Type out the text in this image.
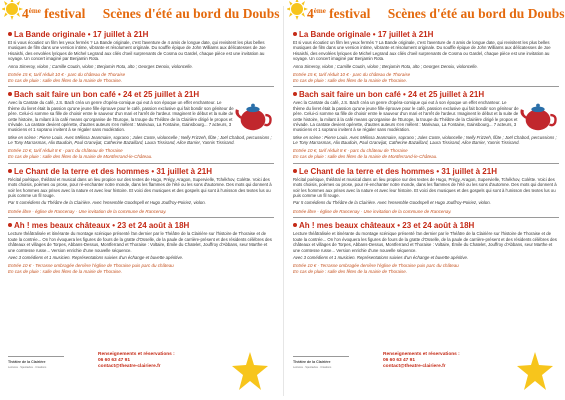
4ème festival Scènes d'été au bord du Doubs
La Bande originale • 17 juillet à 21H
Et si vous écoutiez un film les yeux fermés ? La Bande originale, c'est l'aventure de 4 amis de longue date, qui revisitent les plus belles musiques de film dans une version intime, vibrante et résolument originale. Du souffle épique de John Williams aux délicatesses de Joe Hisaishi, des envolées lyriques de Michel Legrand aux cliés d'oeil surprenants de Cosma ou Gardel, chaque pièce est une invitation au voyage. Un concert imaginé par Benjamin Rota.
Anna Simeroy, violon ; Camille Coutin, violon ; Benjamin Rota, alto ; Georges Denoix, violoncelle.
Entrée 15 €, tarif réduit 10 € · parc du château de Thoraise
En cas de pluie : salle des fêtes de la mairie de Thoraise.
Bach sait faire un bon café • 24 et 25 juillet à 21H
Avec la Cantate du café, J.S. Bach créa un genre d'opéra-comique qui eut à son époque un effet enchanteur. Le thème du livret était la passion qu'une jeune fille éprouve pour le café, passion exclusive qui fait bondir son géniteur de père. Celui-ci somme sa fille de choisir entre le sauveur d'un mari et l'arrêt de l'ardeur. Imaginent le début et la suite de cette histoire, la milant à la café means qu'organise de l'Europe, la troupe du Théâtre de la Clairière dirigé le propos et s'évade. La cantate devient opérette, d'autres auteurs s'en mêlent : Marivaux, La Fontaine, Gainsbourg... 7 acteurs, 3 musiciens et 1 soprano invitent à se régaler sans modération.
Mise en scène : Pierre Louis. Avec Mélissa Jeanmaire, soprano ; Jules Coste, violoncelle ; Nelly Frizzeh, flûte ; Joël Chabod, percussions ; Le Tony Marrasmas, Alix Baudoin, Paul Granvijat, Catherine Bazaillard, Laura Tissirand, Alice Barrier, Yannis Tissirand.
Entrée 10 €, tarif réduit 8 € · parc du château de Thoraise
En cas de pluie : salle des fêtes de la mairie de Montferrand-le-Château.
Le Chant de la terre et des hommes • 31 juillet à 21H
Récital poétique, théâtral et musical dans un lieu propice sur des textes de Hugo, Prégy, Aragon, Supervielle, Tchékhov, Colétte. Voici des mots choisis, poèmes ou prose, pour ré-enchanter notre monde, dans les flammes de l'été ou les sons d'automne. Des mots qui donnent à voir les hommes aux prises avec la nature et avec leur histoire. Et voici des musiques et des gospels qui sont à l'unisson des textes lus ou puis comme un fil rouge.
Par 5 comédiens du Théâtre de la Clairière. Avec l'ensemble Goodspell et Hugo Jouffroy-Poiriez, violon.
Entrée libre · église de Rancenay · Une invitation de la commune de Rancenay.
Ah ! mes beaux châteaux • 23 et 24 août à 18H
Lecture théâtralisée et itinérante du montage scénique présenté l'an dernier par le Théâtre de la Clairière sur l'histoire de Thoraise et de toute la contrée... On l'on évoquera les figures de fours de la gratte d'Osselle, de la paule de carrière-présent et des résidents célèbres des châteaux et villages de Torpes, Abbans-Dessus, Montferrand et Thoraise : Voltaire, Émile du Chatelet, Jouffroy d'Abbans, seur Marthe et une comtesse russe... Version enrichie d'une nouvelle séquence.
Avec 3 comédiens et 1 musicien. Représentations suivies d'un échange et buvette apéritive.
Entrée 10 € · Terrasse ombragée derrière l'église de Thoraise puis parc du château
En cas de pluie : salle des fêtes de la mairie de Thoraise.
Théâtre de la Clairière
Lectures · Spectacles · Créations
Renseignements et réservations :
06 60 63 47 91
contact@theatre-clairiere.fr
4ème festival Scènes d'été au bord du Doubs
La Bande originale • 17 juillet à 21H
Et si vous écoutiez un film les yeux fermés ? La Bande originale, c'est l'aventure de 4 amis de longue date, qui revisitent les plus belles musiques de film dans une version intime, vibrante et résolument originale. Du souffle épique de John Williams aux délicatesses de Joe Hisaishi, des envolées lyriques de Michel Legrand aux cliés d'oeil surprenants de Cosma ou Gardel, chaque pièce est une invitation au voyage. Un concert imaginé par Benjamin Rota.
Anna Simeroy, violon ; Camille Coutin, violon ; Benjamin Rota, alto ; Georges Denoix, violoncelle.
Entrée 15 €, tarif réduit 10 € · parc du château de Thoraise
En cas de pluie : salle des fêtes de la mairie de Thoraise.
Bach sait faire un bon café • 24 et 25 juillet à 21H
Avec la Cantate du café, J.S. Bach créa un genre d'opéra-comique qui eut à son époque un effet enchanteur. Le thème du livret était la passion qu'une jeune fille éprouve pour le café, passion exclusive qui fait bondir son géniteur de père. Celui-ci somme sa fille de choisir entre le sauveur d'un mari et l'arrêt de l'ardeur. Imaginent le début et la suite de cette histoire, la milant à la café means qu'organise de l'Europe, la troupe du Théâtre de la Clairière dirigé le propos et s'évade. La cantate devient opérette, d'autres auteurs s'en mêlent : Marivaux, La Fontaine, Gainsbourg... 7 acteurs, 3 musiciens et 1 soprano invitent à se régaler sans modération.
Mise en scène : Pierre Louis. Avec Mélissa Jeanmaire, soprano ; Jules Coste, violoncelle ; Nelly Frizzeh, flûte ; Joël Chabod, percussions ; Le Tony Marrasmas, Alix Baudoin, Paul Granvijat, Catherine Bazaillard, Laura Tissirand, Alice Barrier, Yannis Tissirand.
Entrée 10 €, tarif réduit 8 € · parc du château de Thoraise
En cas de pluie : salle des fêtes de la mairie de Montferrand-le-Château.
Le Chant de la terre et des hommes • 31 juillet à 21H
Récital poétique, théâtral et musical dans un lieu propice sur des textes de Hugo, Prégy, Aragon, Supervielle, Tchékhov, Colétte. Voici des mots choisis, poèmes ou prose, pour ré-enchanter notre monde, dans les flammes de l'été ou les sons d'automne. Des mots qui donnent à voir les hommes aux prises avec la nature et avec leur histoire. Et voici des musiques et des gospels qui sont à l'unisson des textes lus ou puis comme un fil rouge.
Par 5 comédiens du Théâtre de la Clairière. Avec l'ensemble Goodspell et Hugo Jouffroy-Poiriez, violon.
Entrée libre · église de Rancenay · Une invitation de la commune de Rancenay.
Ah ! mes beaux châteaux • 23 et 24 août à 18H
Lecture théâtralisée et itinérante du montage scénique présenté l'an dernier par le Théâtre de la Clairière sur l'histoire de Thoraise et de toute la contrée... On l'on évoquera les figures de fours de la gratte d'Osselle, de la paule de carrière-présent et des résidents célèbres des châteaux et villages de Torpes, Abbans-Dessus, Montferrand et Thoraise : Voltaire, Émile du Chatelet, Jouffroy d'Abbans, seur Marthe et une comtesse russe... Version enrichie d'une nouvelle séquence.
Avec 3 comédiens et 1 musicien. Représentations suivies d'un échange et buvette apéritive.
Entrée 10 € · Terrasse ombragée derrière l'église de Thoraise puis parc du château
En cas de pluie : salle des fêtes de la mairie de Thoraise.
Théâtre de la Clairière
Lectures · Spectacles · Créations
Renseignements et réservations :
06 60 63 47 91
contact@theatre-clairiere.fr
